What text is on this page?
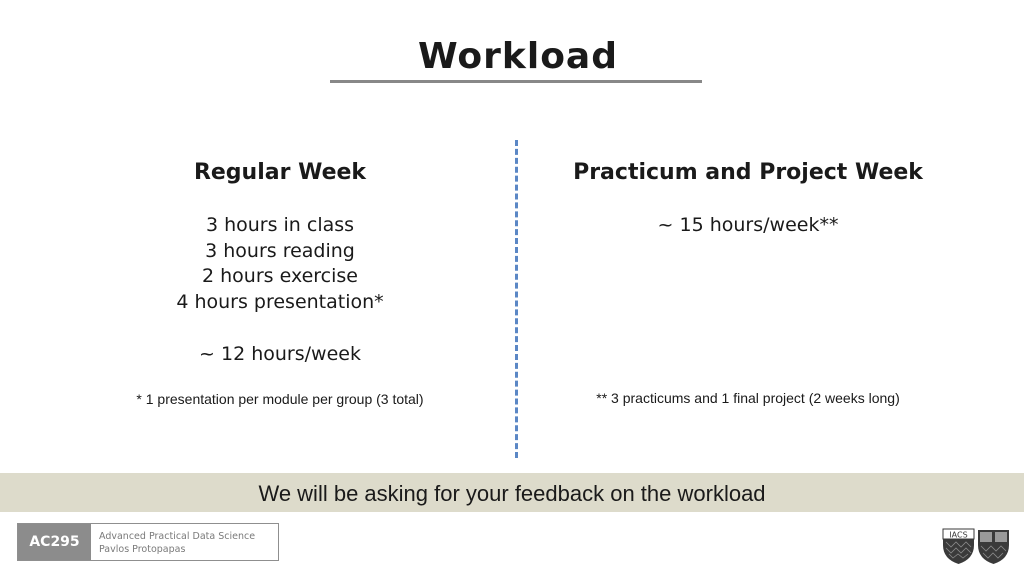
Workload
Regular Week
3 hours in class
3 hours reading
2 hours exercise
4 hours presentation*
~ 12 hours/week
* 1 presentation per module per group (3 total)
Practicum and Project Week
~ 15 hours/week**
** 3 practicums and 1 final project (2 weeks long)
We will be asking for your feedback on the workload
AC295	Advanced Practical Data Science
Pavlos Protopapas
IACS
